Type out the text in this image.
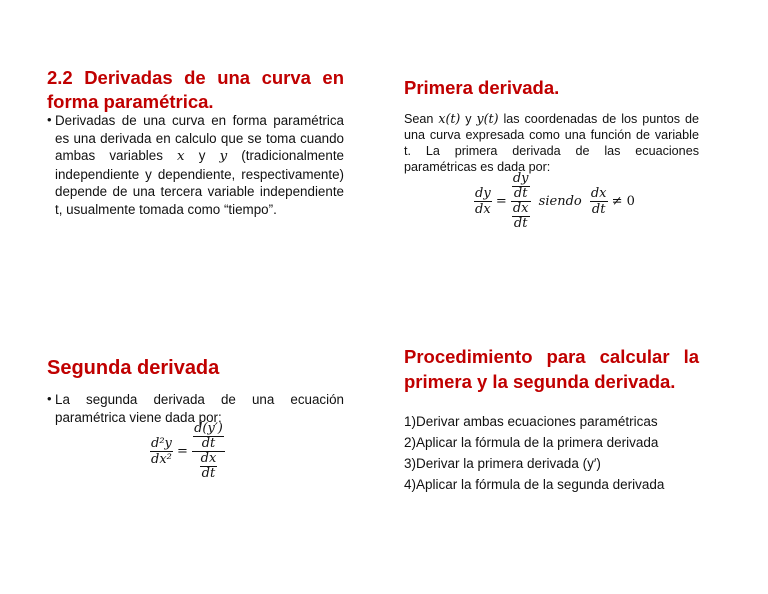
2.2 Derivadas de una curva en forma paramétrica.
• Derivadas de una curva en forma paramétrica es una derivada en calculo que se toma cuando ambas variables x y y (tradicionalmente independiente y dependiente, respectivamente) depende de una tercera variable independiente t, usualmente tomada como “tiempo”.

Primera derivada.

Sean x(t) y y(t) las coordenadas de los puntos de una curva expresada como una función de variable t. La primera derivada de las ecuaciones paramétricas es dada por:

$\frac{dy}{dx}$ = dy
dt
dx
dt siendo $\frac{dx}{dt} \ne 0$
Segunda derivada
• La segunda derivada de una ecuación paramétrica viene dada por:

$\frac{\text{d²y}}{\text{dx²}} = d(y')$
dt
dx
dt
Procedimiento para calcular la primera y la segunda derivada.
1)Derivar ambas ecuaciones paramétricas
2)Aplicar la fórmula de la primera derivada
3)Derivar la primera derivada (y′)
4)Aplicar la fórmula de la segunda derivada
